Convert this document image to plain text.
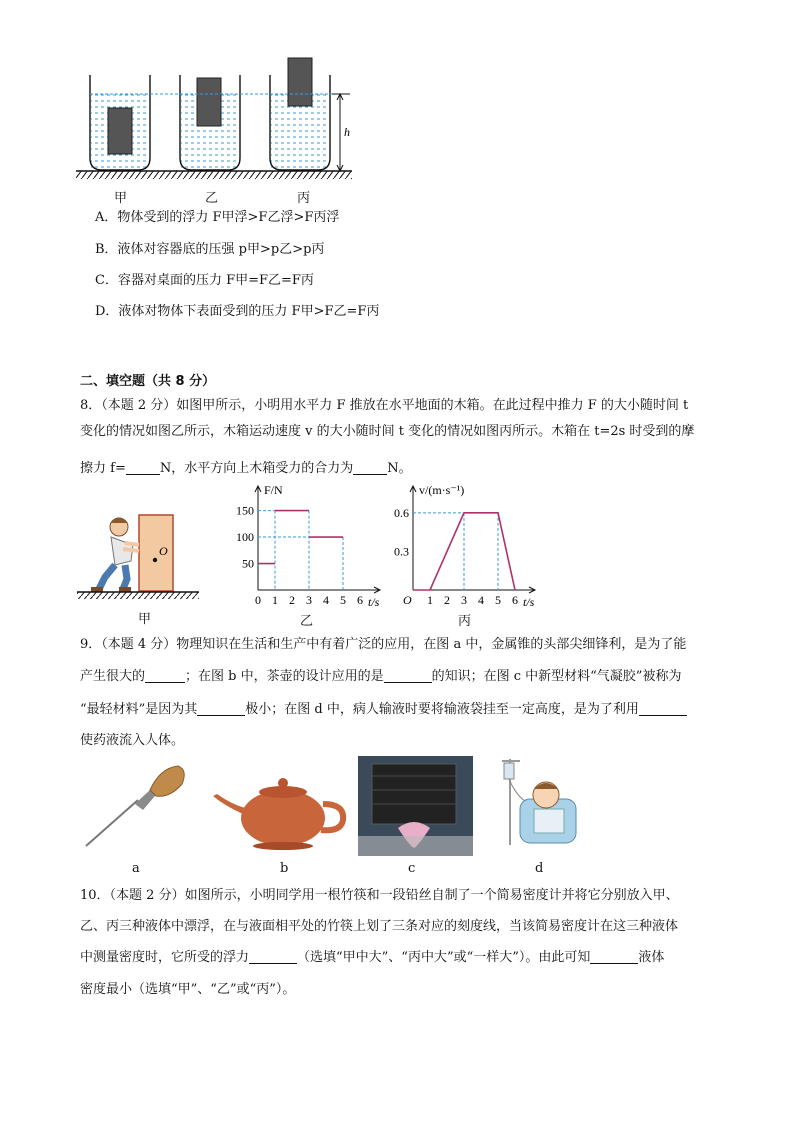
h
甲	乙	丙
A．物体受到的浮力 F甲浮>F乙浮>F丙浮
B．液体对容器底的压强 p甲>p乙>p丙
C．容器对桌面的压力 F甲=F乙=F丙
D．液体对物体下表面受到的压力 F甲>F乙=F丙
二、填空题（共 8 分）
8．（本题 2 分）如图甲所示，小明用水平力 F 推放在水平地面的木箱。在此过程中推力 F 的大小随时间 t
变化的情况如图乙所示，木箱运动速度 v 的大小随时间 t 变化的情况如图丙所示。木箱在 t=2s 时受到的摩
擦力 f=	N，水平方向上木箱受力的合力为	N。
O
甲
F/N
t/s
0 1 2 3 4 5 6
50
100
150
乙
v/(m·s⁻¹)
t/s
O 1 2 3 4 5 6
0.3
0.6
丙
9．（本题 4 分）物理知识在生活和生产中有着广泛的应用，在图 a 中，金属锥的头部尖细锋利，是为了能
产生很大的	；在图 b 中，茶壶的设计应用的是	的知识；在图 c 中新型材料“气凝胶”被称为
“最轻材料”是因为其	极小；在图 d 中，病人输液时要将输液袋挂至一定高度，是为了利用
使药液流入人体。
a	b	c	d
10．（本题 2 分）如图所示，小明同学用一根竹筷和一段铅丝自制了一个简易密度计并将它分别放入甲、
乙、丙三种液体中漂浮，在与液面相平处的竹筷上划了三条对应的刻度线，当该简易密度计在这三种液体
中测量密度时，它所受的浮力	（选填“甲中大”、“丙中大”或“一样大”）。由此可知	液体
密度最小（选填“甲”、“乙”或“丙”）。
